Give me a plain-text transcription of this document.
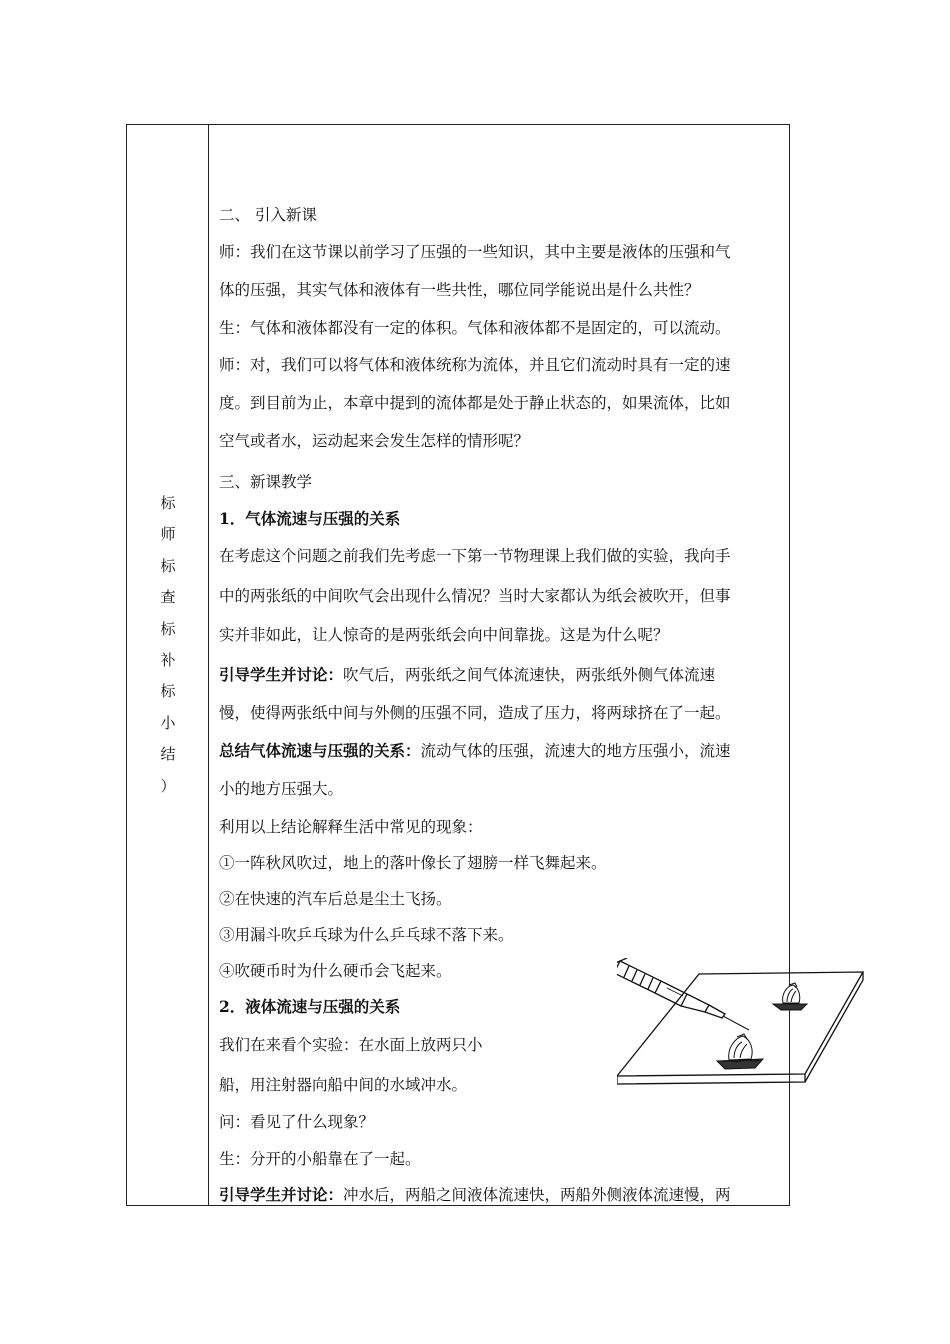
标
师
标
查
标
补
标
小
结
）
二、 引入新课
师：我们在这节课以前学习了压强的一些知识，其中主要是液体的压强和气
体的压强，其实气体和液体有一些共性，哪位同学能说出是什么共性？
生：气体和液体都没有一定的体积。气体和液体都不是固定的，可以流动。
师：对，我们可以将气体和液体统称为流体，并且它们流动时具有一定的速
度。到目前为止，本章中提到的流体都是处于静止状态的，如果流体，比如
空气或者水，运动起来会发生怎样的情形呢？
三、新课教学
1．气体流速与压强的关系
在考虑这个问题之前我们先考虑一下第一节物理课上我们做的实验，我向手
中的两张纸的中间吹气会出现什么情况？当时大家都认为纸会被吹开，但事
实并非如此，让人惊奇的是两张纸会向中间靠拢。这是为什么呢？
引导学生并讨论：吹气后，两张纸之间气体流速快，两张纸外侧气体流速
慢，使得两张纸中间与外侧的压强不同，造成了压力，将两球挤在了一起。
总结气体流速与压强的关系：流动气体的压强，流速大的地方压强小，流速
小的地方压强大。
利用以上结论解释生活中常见的现象：
①一阵秋风吹过，地上的落叶像长了翅膀一样飞舞起来。
②在快速的汽车后总是尘土飞扬。
③用漏斗吹乒乓球为什么乒乓球不落下来。
④吹硬币时为什么硬币会飞起来。
2．液体流速与压强的关系
我们在来看个实验：在水面上放两只小
船，用注射器向船中间的水域冲水。
问：看见了什么现象？
生：分开的小船靠在了一起。
引导学生并讨论：冲水后，两船之间液体流速快，两船外侧液体流速慢，两
